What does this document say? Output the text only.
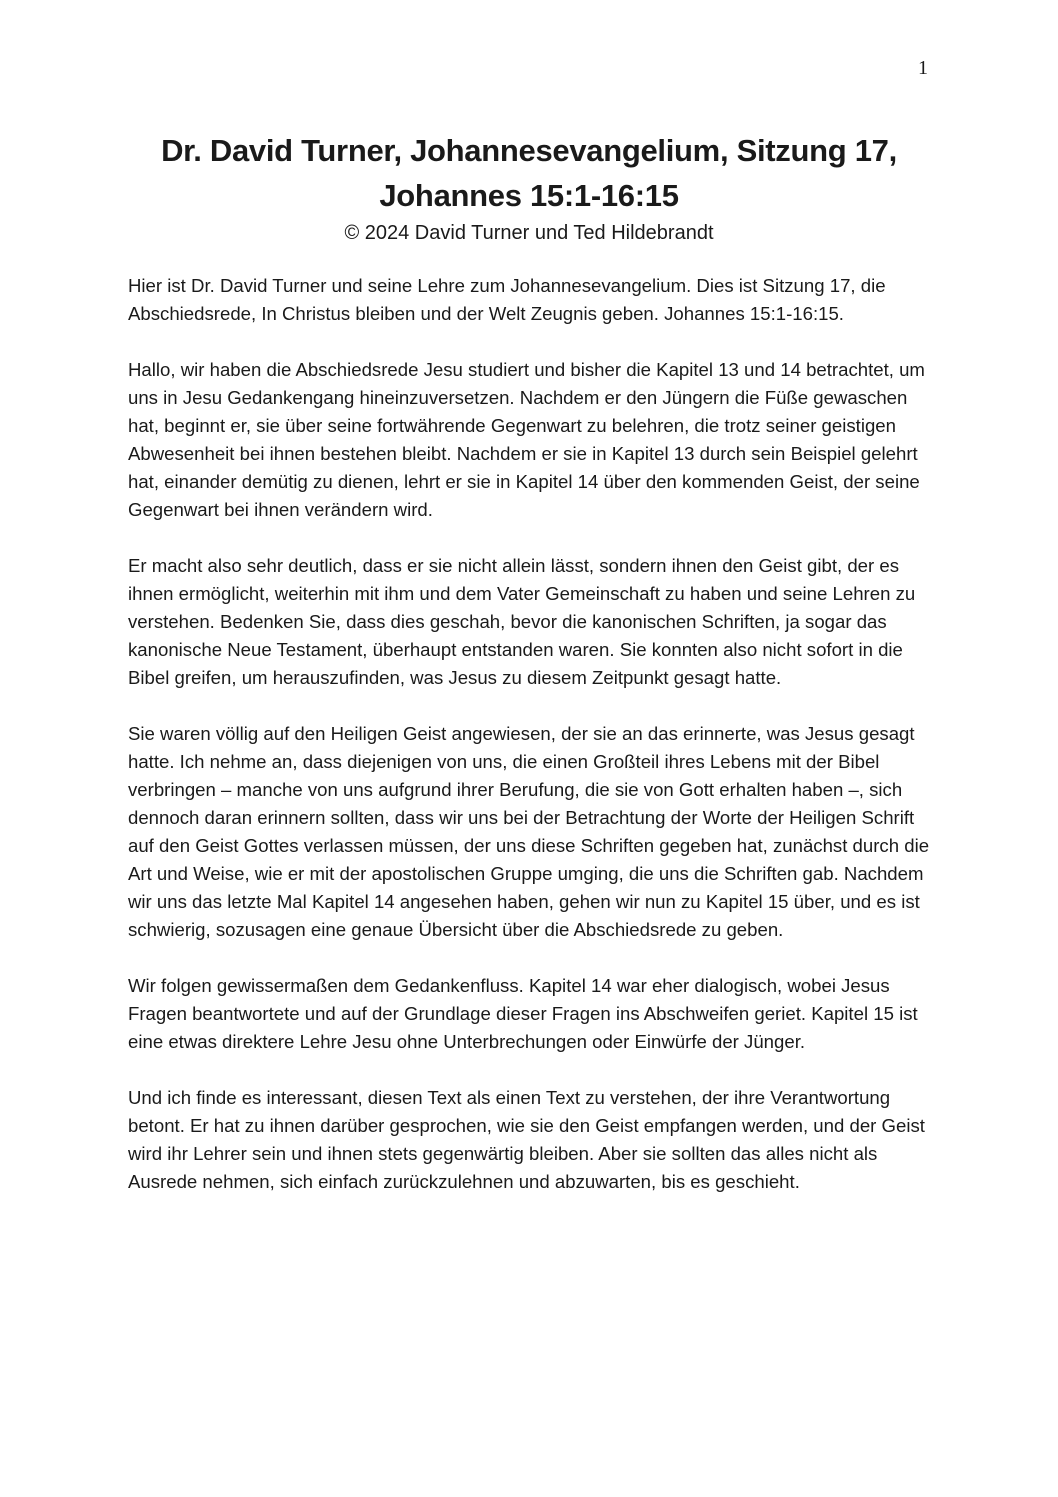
1
Dr. David Turner, Johannesevangelium, Sitzung 17,
Johannes 15:1-16:15
© 2024 David Turner und Ted Hildebrandt

Hier ist Dr. David Turner und seine Lehre zum Johannesevangelium. Dies ist Sitzung 17, die Abschiedsrede, In Christus bleiben und der Welt Zeugnis geben. Johannes 15:1-16:15.

Hallo, wir haben die Abschiedsrede Jesu studiert und bisher die Kapitel 13 und 14 betrachtet, um uns in Jesu Gedankengang hineinzuversetzen. Nachdem er den Jüngern die Füße gewaschen hat, beginnt er, sie über seine fortwährende Gegenwart zu belehren, die trotz seiner geistigen Abwesenheit bei ihnen bestehen bleibt. Nachdem er sie in Kapitel 13 durch sein Beispiel gelehrt hat, einander demütig zu dienen, lehrt er sie in Kapitel 14 über den kommenden Geist, der seine Gegenwart bei ihnen verändern wird.

Er macht also sehr deutlich, dass er sie nicht allein lässt, sondern ihnen den Geist gibt, der es ihnen ermöglicht, weiterhin mit ihm und dem Vater Gemeinschaft zu haben und seine Lehren zu verstehen. Bedenken Sie, dass dies geschah, bevor die kanonischen Schriften, ja sogar das kanonische Neue Testament, überhaupt entstanden waren. Sie konnten also nicht sofort in die Bibel greifen, um herauszufinden, was Jesus zu diesem Zeitpunkt gesagt hatte.

Sie waren völlig auf den Heiligen Geist angewiesen, der sie an das erinnerte, was Jesus gesagt hatte. Ich nehme an, dass diejenigen von uns, die einen Großteil ihres Lebens mit der Bibel verbringen – manche von uns aufgrund ihrer Berufung, die sie von Gott erhalten haben –, sich dennoch daran erinnern sollten, dass wir uns bei der Betrachtung der Worte der Heiligen Schrift auf den Geist Gottes verlassen müssen, der uns diese Schriften gegeben hat, zunächst durch die Art und Weise, wie er mit der apostolischen Gruppe umging, die uns die Schriften gab. Nachdem wir uns das letzte Mal Kapitel 14 angesehen haben, gehen wir nun zu Kapitel 15 über, und es ist schwierig, sozusagen eine genaue Übersicht über die Abschiedsrede zu geben.

Wir folgen gewissermaßen dem Gedankenfluss. Kapitel 14 war eher dialogisch, wobei Jesus Fragen beantwortete und auf der Grundlage dieser Fragen ins Abschweifen geriet. Kapitel 15 ist eine etwas direktere Lehre Jesu ohne Unterbrechungen oder Einwürfe der Jünger.

Und ich finde es interessant, diesen Text als einen Text zu verstehen, der ihre Verantwortung betont. Er hat zu ihnen darüber gesprochen, wie sie den Geist empfangen werden, und der Geist wird ihr Lehrer sein und ihnen stets gegenwärtig bleiben. Aber sie sollten das alles nicht als Ausrede nehmen, sich einfach zurückzulehnen und abzuwarten, bis es geschieht.
